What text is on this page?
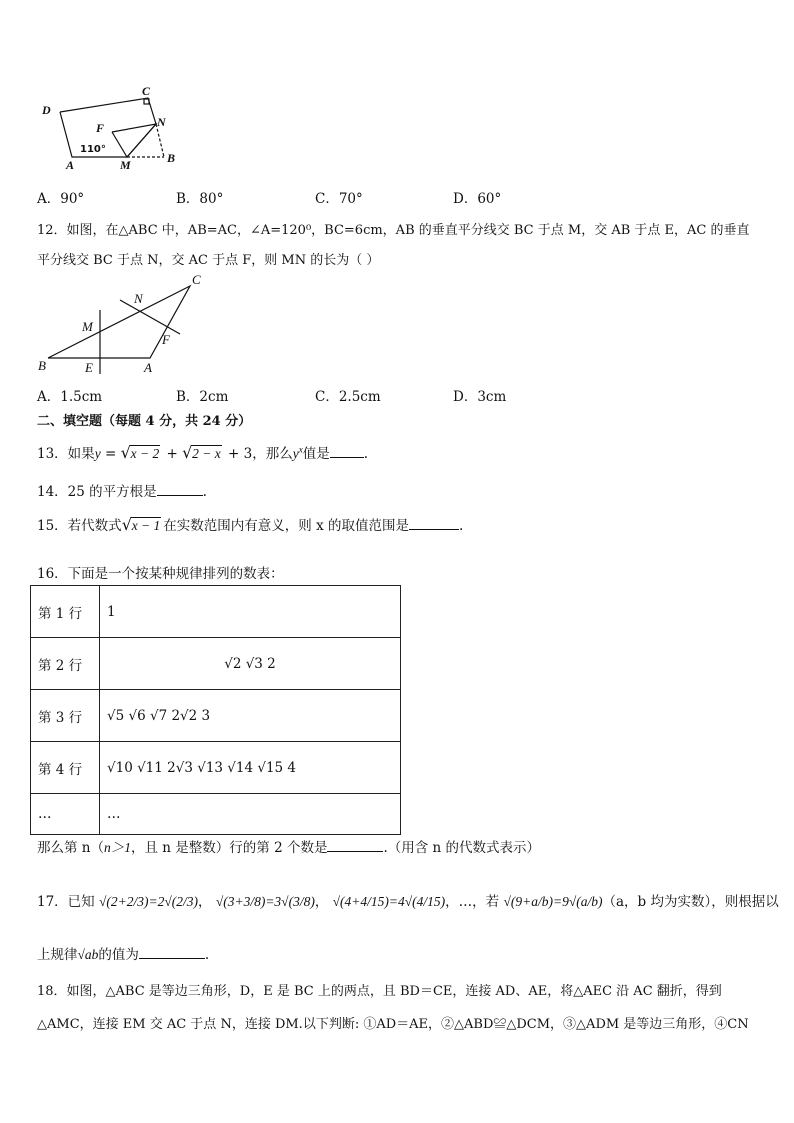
C
D
F	N
A	M	B
110°
A．90°	B．80°	C．70°	D．60°
12．如图，在△ABC 中，AB=AC，∠A=120⁰，BC=6cm，AB 的垂直平分线交 BC 于点 M，交 AB 于点 E，AC 的垂直
平分线交 BC 于点 N，交 AC 于点 F，则 MN 的长为（ ）
C
N
M
F
B	E	A
A．1.5cm	B．2cm	C．2.5cm	D．3cm
二、填空题（每题 4 分，共 24 分）
13．如果y = √ x − 2 + √ 2 − x + 3，那么$y^x$值是	.
14．25 的平方根是	.
15．若代数式 √ x − 1 在实数范围内有意义，则 x 的取值范围是	.
16．下面是一个按某种规律排列的数表：
第 1 行	1
第 2 行	√2 √3 2
第 3 行	√5 √6 √7 2√2 3
第 4 行	√10 √11 2√3 √13 √14 √15 4
…	…
那么第 n（n＞1，且 n 是整数）行的第 2 个数是	.（用含 n 的代数式表示）
17．已知 √(2+2/3)=2√(2/3)， √(3+3/8)=3√(3/8)， √(4+4/15)=4√(4/15)，…，若 √(9+a/b)=9√(a/b)（a，b 均为实数），则根据以
上规律√ab的值为	.
18．如图，△ABC 是等边三角形，D，E 是 BC 上的两点，且 BD＝CE，连接 AD、AE，将△AEC 沿 AC 翻折，得到
△AMC，连接 EM 交 AC 于点 N，连接 DM.以下判断: ①AD＝AE，②△ABD≌△DCM，③△ADM 是等边三角形，④CN
